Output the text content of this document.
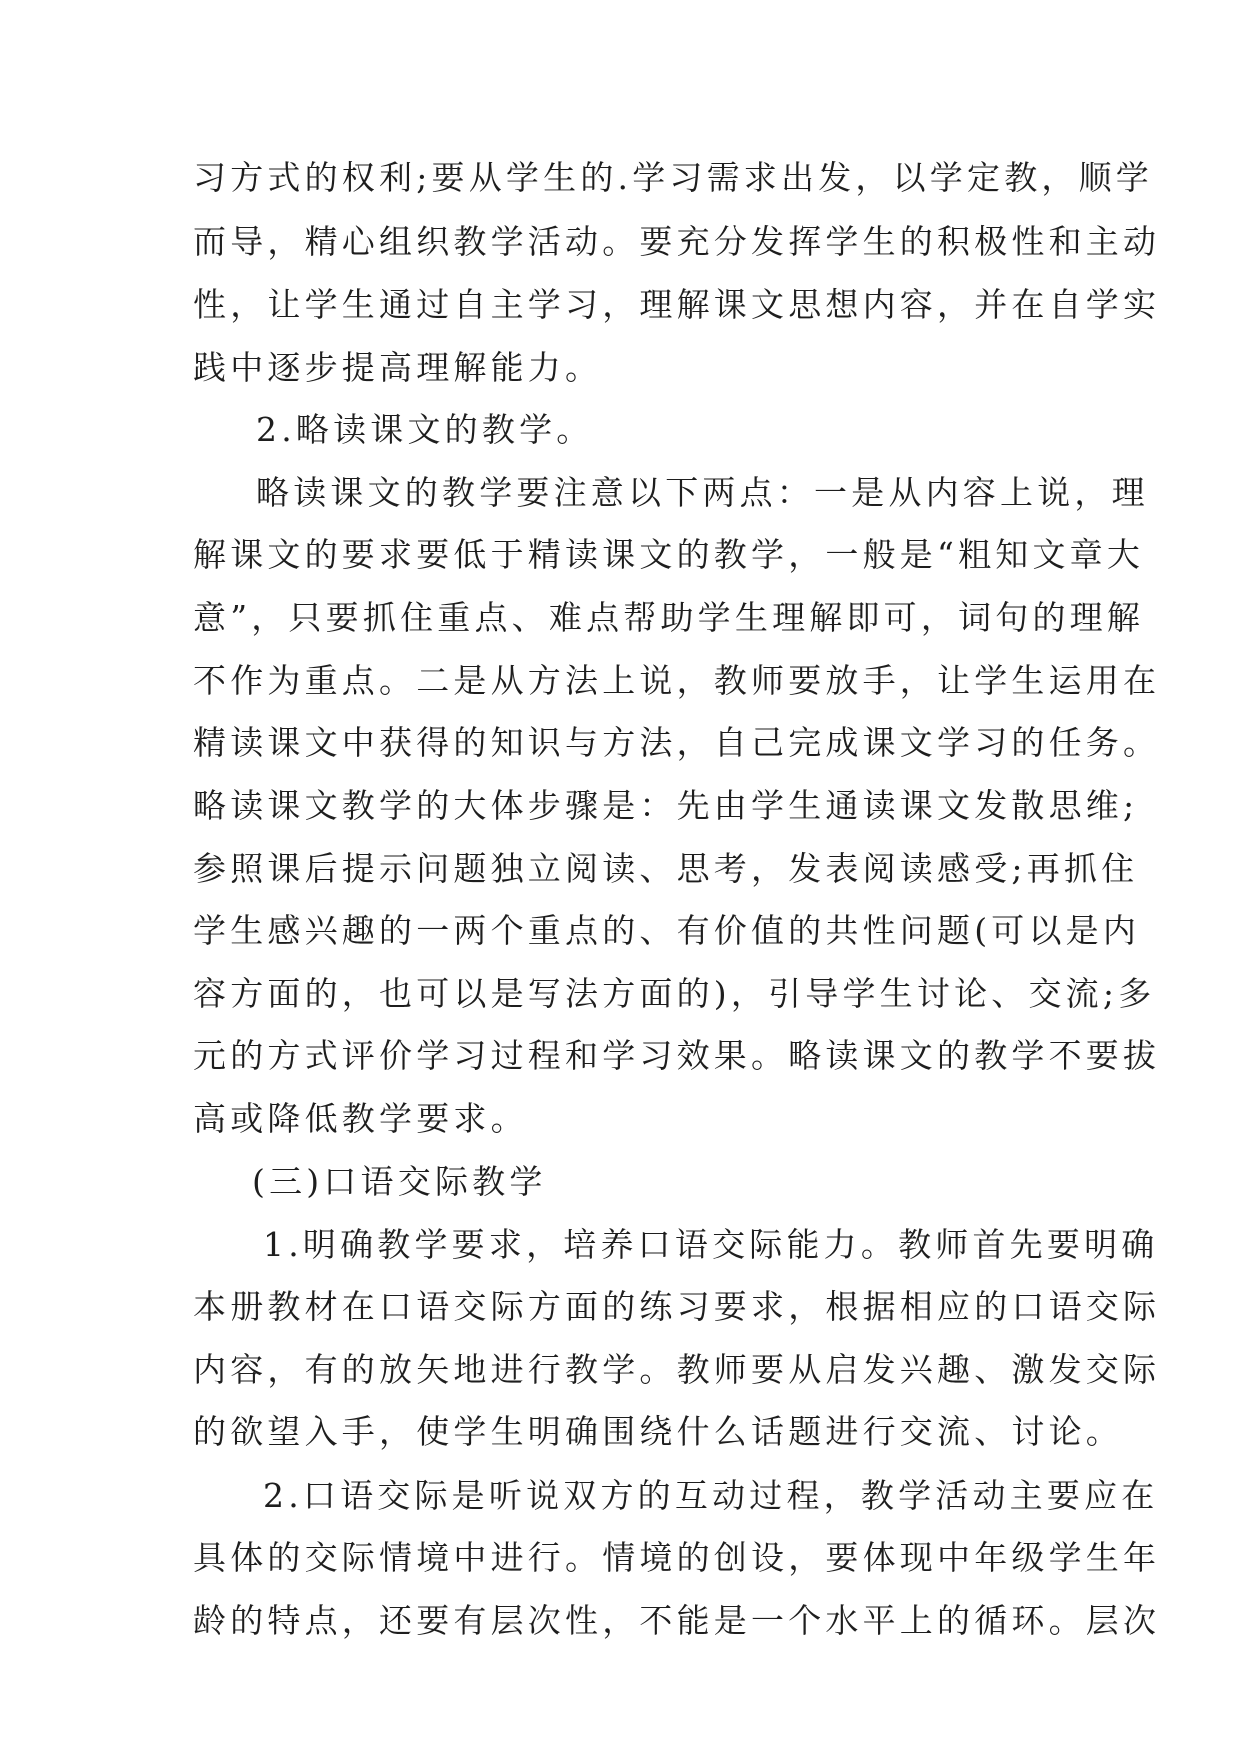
习方式的权利;要从学生的.学习需求出发，以学定教，顺学
而导，精心组织教学活动。要充分发挥学生的积极性和主动
性，让学生通过自主学习，理解课文思想内容，并在自学实
践中逐步提高理解能力。
2.略读课文的教学。
略读课文的教学要注意以下两点：一是从内容上说，理
解课文的要求要低于精读课文的教学，一般是“粗知文章大
意”，只要抓住重点、难点帮助学生理解即可，词句的理解
不作为重点。二是从方法上说，教师要放手，让学生运用在
精读课文中获得的知识与方法，自己完成课文学习的任务。
略读课文教学的大体步骤是：先由学生通读课文发散思维;
参照课后提示问题独立阅读、思考，发表阅读感受;再抓住
学生感兴趣的一两个重点的、有价值的共性问题(可以是内
容方面的，也可以是写法方面的)，引导学生讨论、交流;多
元的方式评价学习过程和学习效果。略读课文的教学不要拔
高或降低教学要求。
(三)口语交际教学
1.明确教学要求，培养口语交际能力。教师首先要明确
本册教材在口语交际方面的练习要求，根据相应的口语交际
内容，有的放矢地进行教学。教师要从启发兴趣、激发交际
的欲望入手，使学生明确围绕什么话题进行交流、讨论。
2.口语交际是听说双方的互动过程，教学活动主要应在
具体的交际情境中进行。情境的创设，要体现中年级学生年
龄的特点，还要有层次性，不能是一个水平上的循环。层次
